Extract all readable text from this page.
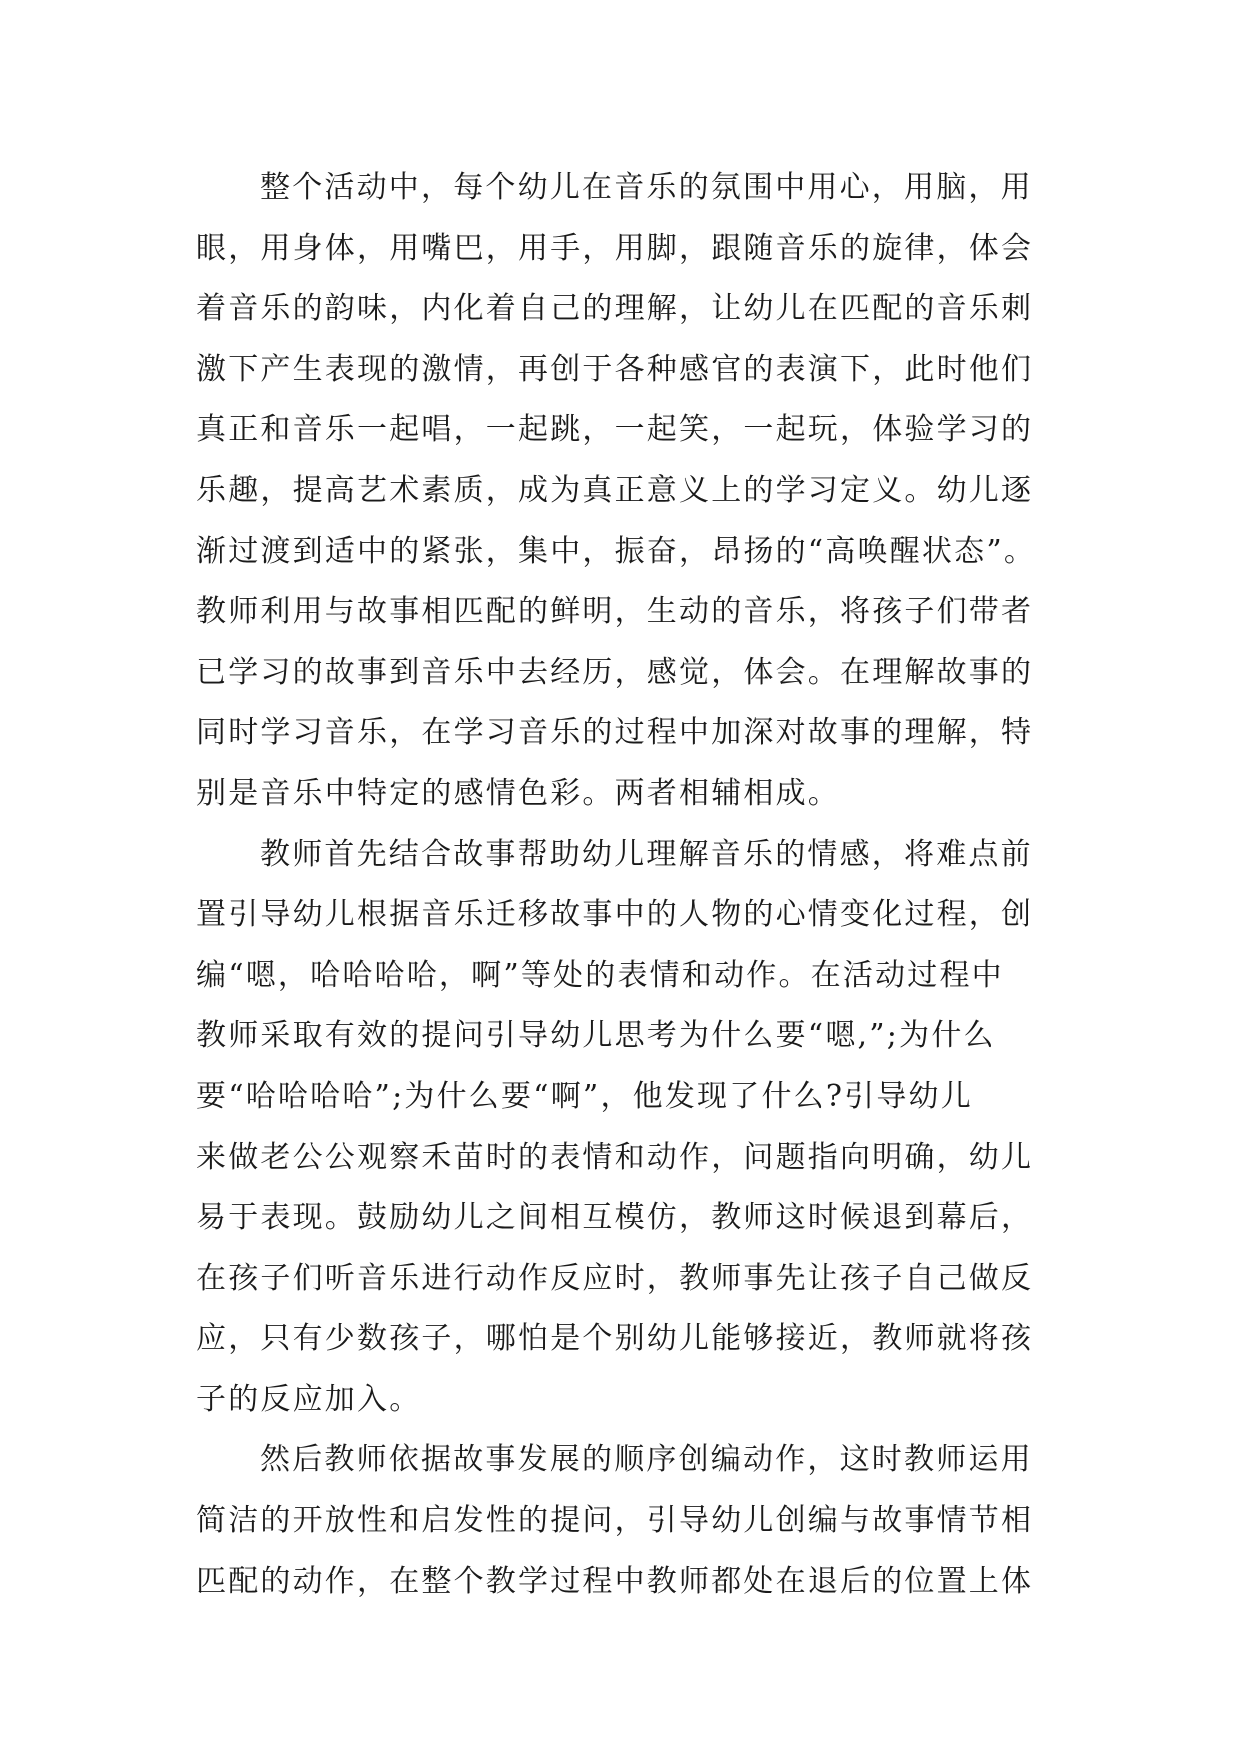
整个活动中，每个幼儿在音乐的氛围中用心，用脑，用
眼，用身体，用嘴巴，用手，用脚，跟随音乐的旋律，体会
着音乐的韵味，内化着自己的理解，让幼儿在匹配的音乐刺
激下产生表现的激情，再创于各种感官的表演下，此时他们
真正和音乐一起唱，一起跳，一起笑，一起玩，体验学习的
乐趣，提高艺术素质，成为真正意义上的学习定义。幼儿逐
渐过渡到适中的紧张，集中，振奋，昂扬的“高唤醒状态”。
教师利用与故事相匹配的鲜明，生动的音乐，将孩子们带者
已学习的故事到音乐中去经历，感觉，体会。在理解故事的
同时学习音乐，在学习音乐的过程中加深对故事的理解，特
别是音乐中特定的感情色彩。两者相辅相成。
教师首先结合故事帮助幼儿理解音乐的情感，将难点前
置引导幼儿根据音乐迁移故事中的人物的心情变化过程，创
编“嗯，哈哈哈哈，啊”等处的表情和动作。在活动过程中
教师采取有效的提问引导幼儿思考为什么要“嗯,”;为什么
要“哈哈哈哈”;为什么要“啊”，他发现了什么?引导幼儿
来做老公公观察禾苗时的表情和动作，问题指向明确，幼儿
易于表现。鼓励幼儿之间相互模仿，教师这时候退到幕后，
在孩子们听音乐进行动作反应时，教师事先让孩子自己做反
应，只有少数孩子，哪怕是个别幼儿能够接近，教师就将孩
子的反应加入。
然后教师依据故事发展的顺序创编动作，这时教师运用
简洁的开放性和启发性的提问，引导幼儿创编与故事情节相
匹配的动作，在整个教学过程中教师都处在退后的位置上体
